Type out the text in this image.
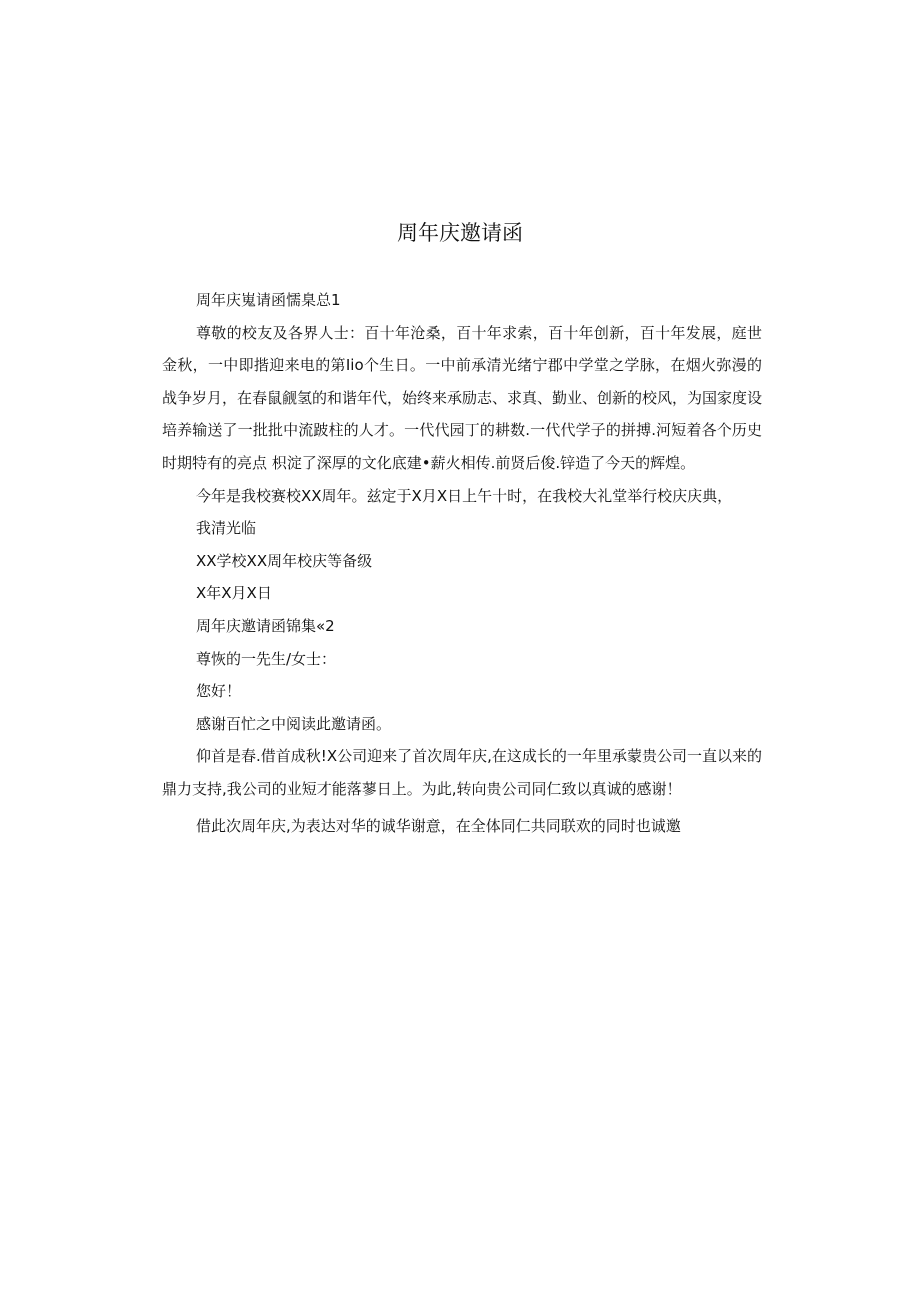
周年庆邀请函

周年庆嵬请函懦臬总1

尊敬的校友及各界人士：百十年沧桑，百十年求索，百十年创新，百十年发展，庭世金秋，一中即揩迎来电的第Iio个生日。一中前承清光绪宁郡中学堂之学脉，在烟火弥漫的战争岁月，在春鼠觎氢的和谐年代，始终来承励志、求真、勤业、创新的校风，为国家度设培养输送了一批批中流跛柱的人才。一代代园丁的耕数.一代代学子的拼搏.河短着各个历史时期特有的亮点 枳淀了深厚的文化底建•薪火相传.前贤后俊.锌造了今天的辉煌。

今年是我校赛校XX周年。兹定于X月X日上午十时，在我校大礼堂举行校庆庆典，

我清光临

XX学校XX周年校庆等备级

X年X月X日

周年庆邀请函锦集«2

尊恢的一先生/女士：

您好！

感谢百忙之中阅读此邀请函。

仰首是春.借首成秋!X公司迎来了首次周年庆,在这成长的一年里承蒙贵公司一直以来的鼎力支持,我公司的业短才能落蓼日上。为此,转向贵公司同仁致以真诚的感谢！

借此次周年庆,为表达对华的诚华谢意，在全体同仁共同联欢的同时也诚邀
